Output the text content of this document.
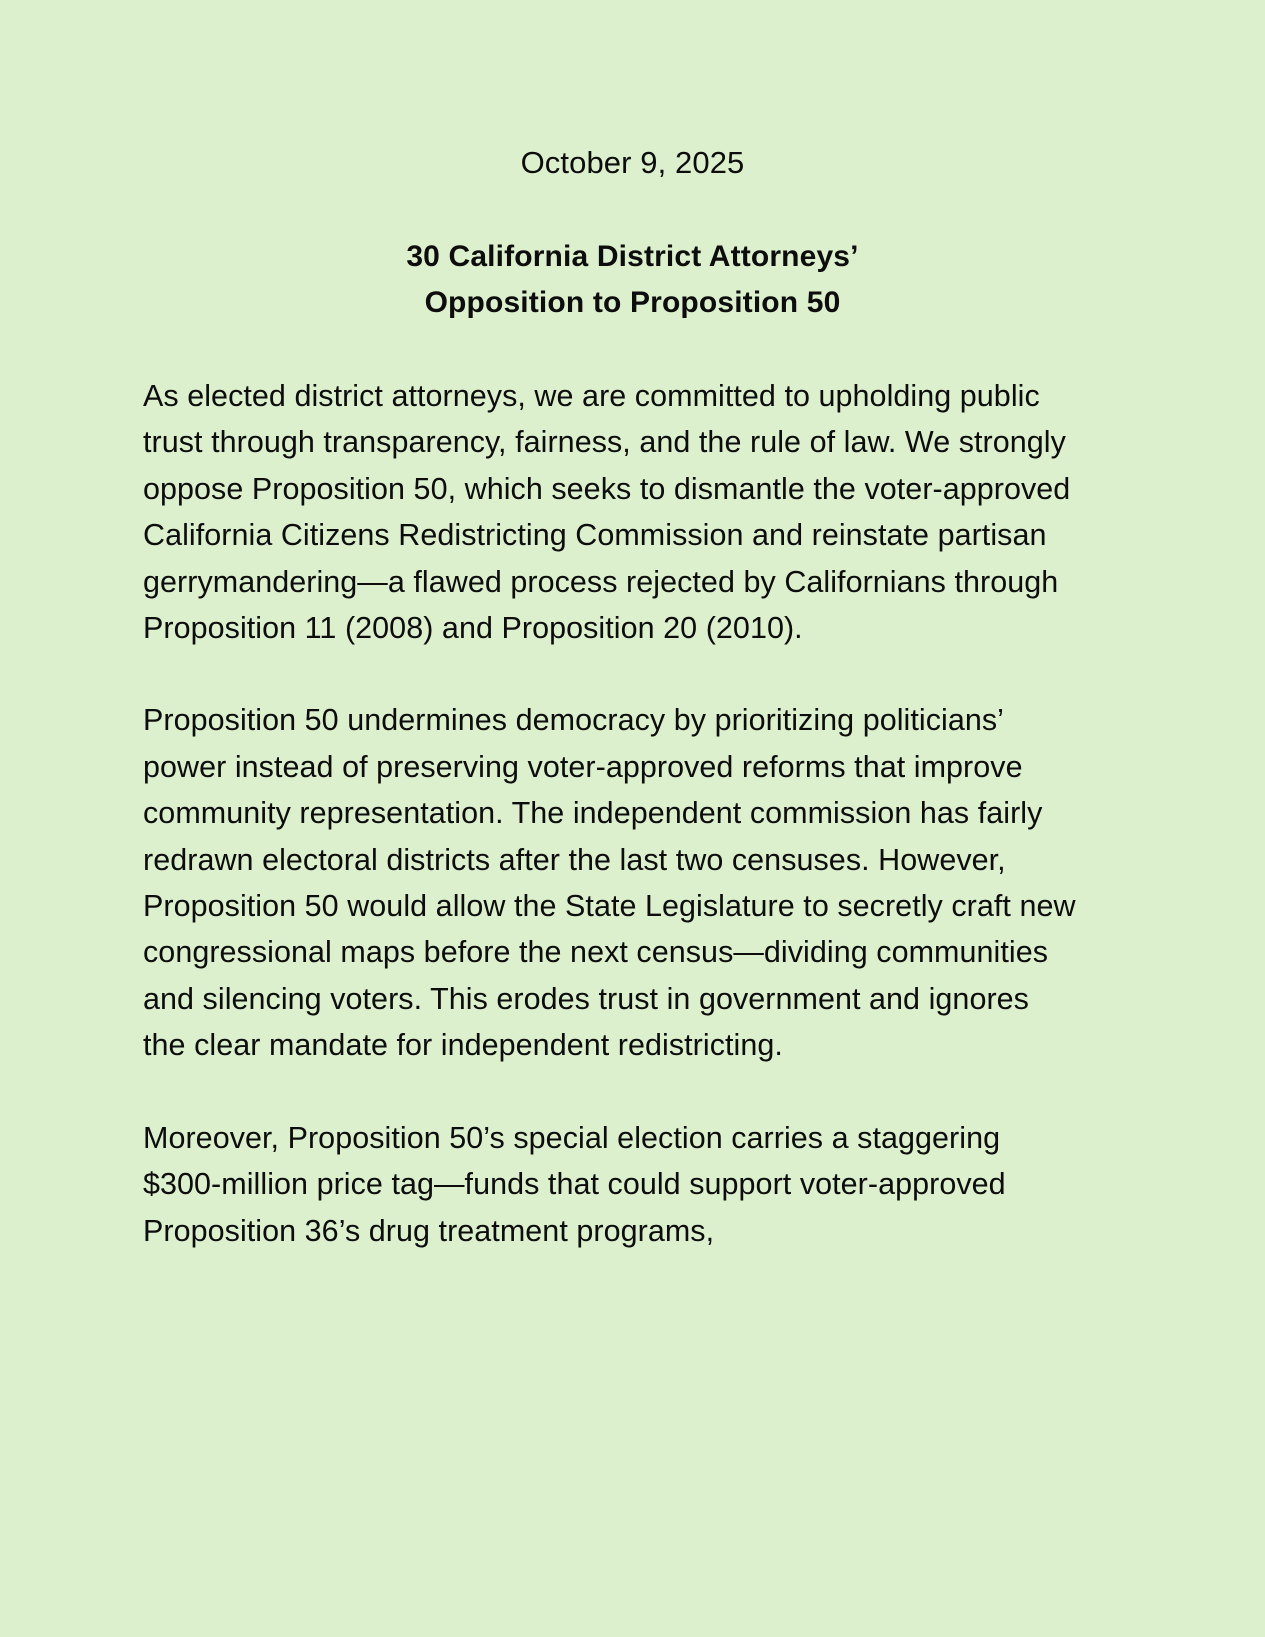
October 9, 2025
30 California District Attorneys’
Opposition to Proposition 50

As elected district attorneys, we are committed to upholding public trust through transparency, fairness, and the rule of law. We strongly oppose Proposition 50, which seeks to dismantle the voter-approved California Citizens Redistricting Commission and reinstate partisan gerrymandering—a flawed process rejected by Californians through Proposition 11 (2008) and Proposition 20 (2010).

Proposition 50 undermines democracy by prioritizing politicians’ power instead of preserving voter-approved reforms that improve community representation. The independent commission has fairly redrawn electoral districts after the last two censuses. However, Proposition 50 would allow the State Legislature to secretly craft new congressional maps before the next census—dividing communities and silencing voters. This erodes trust in government and ignores the clear mandate for independent redistricting.

Moreover, Proposition 50’s special election carries a staggering $300-million price tag—funds that could support voter-approved Proposition 36’s drug treatment programs,
